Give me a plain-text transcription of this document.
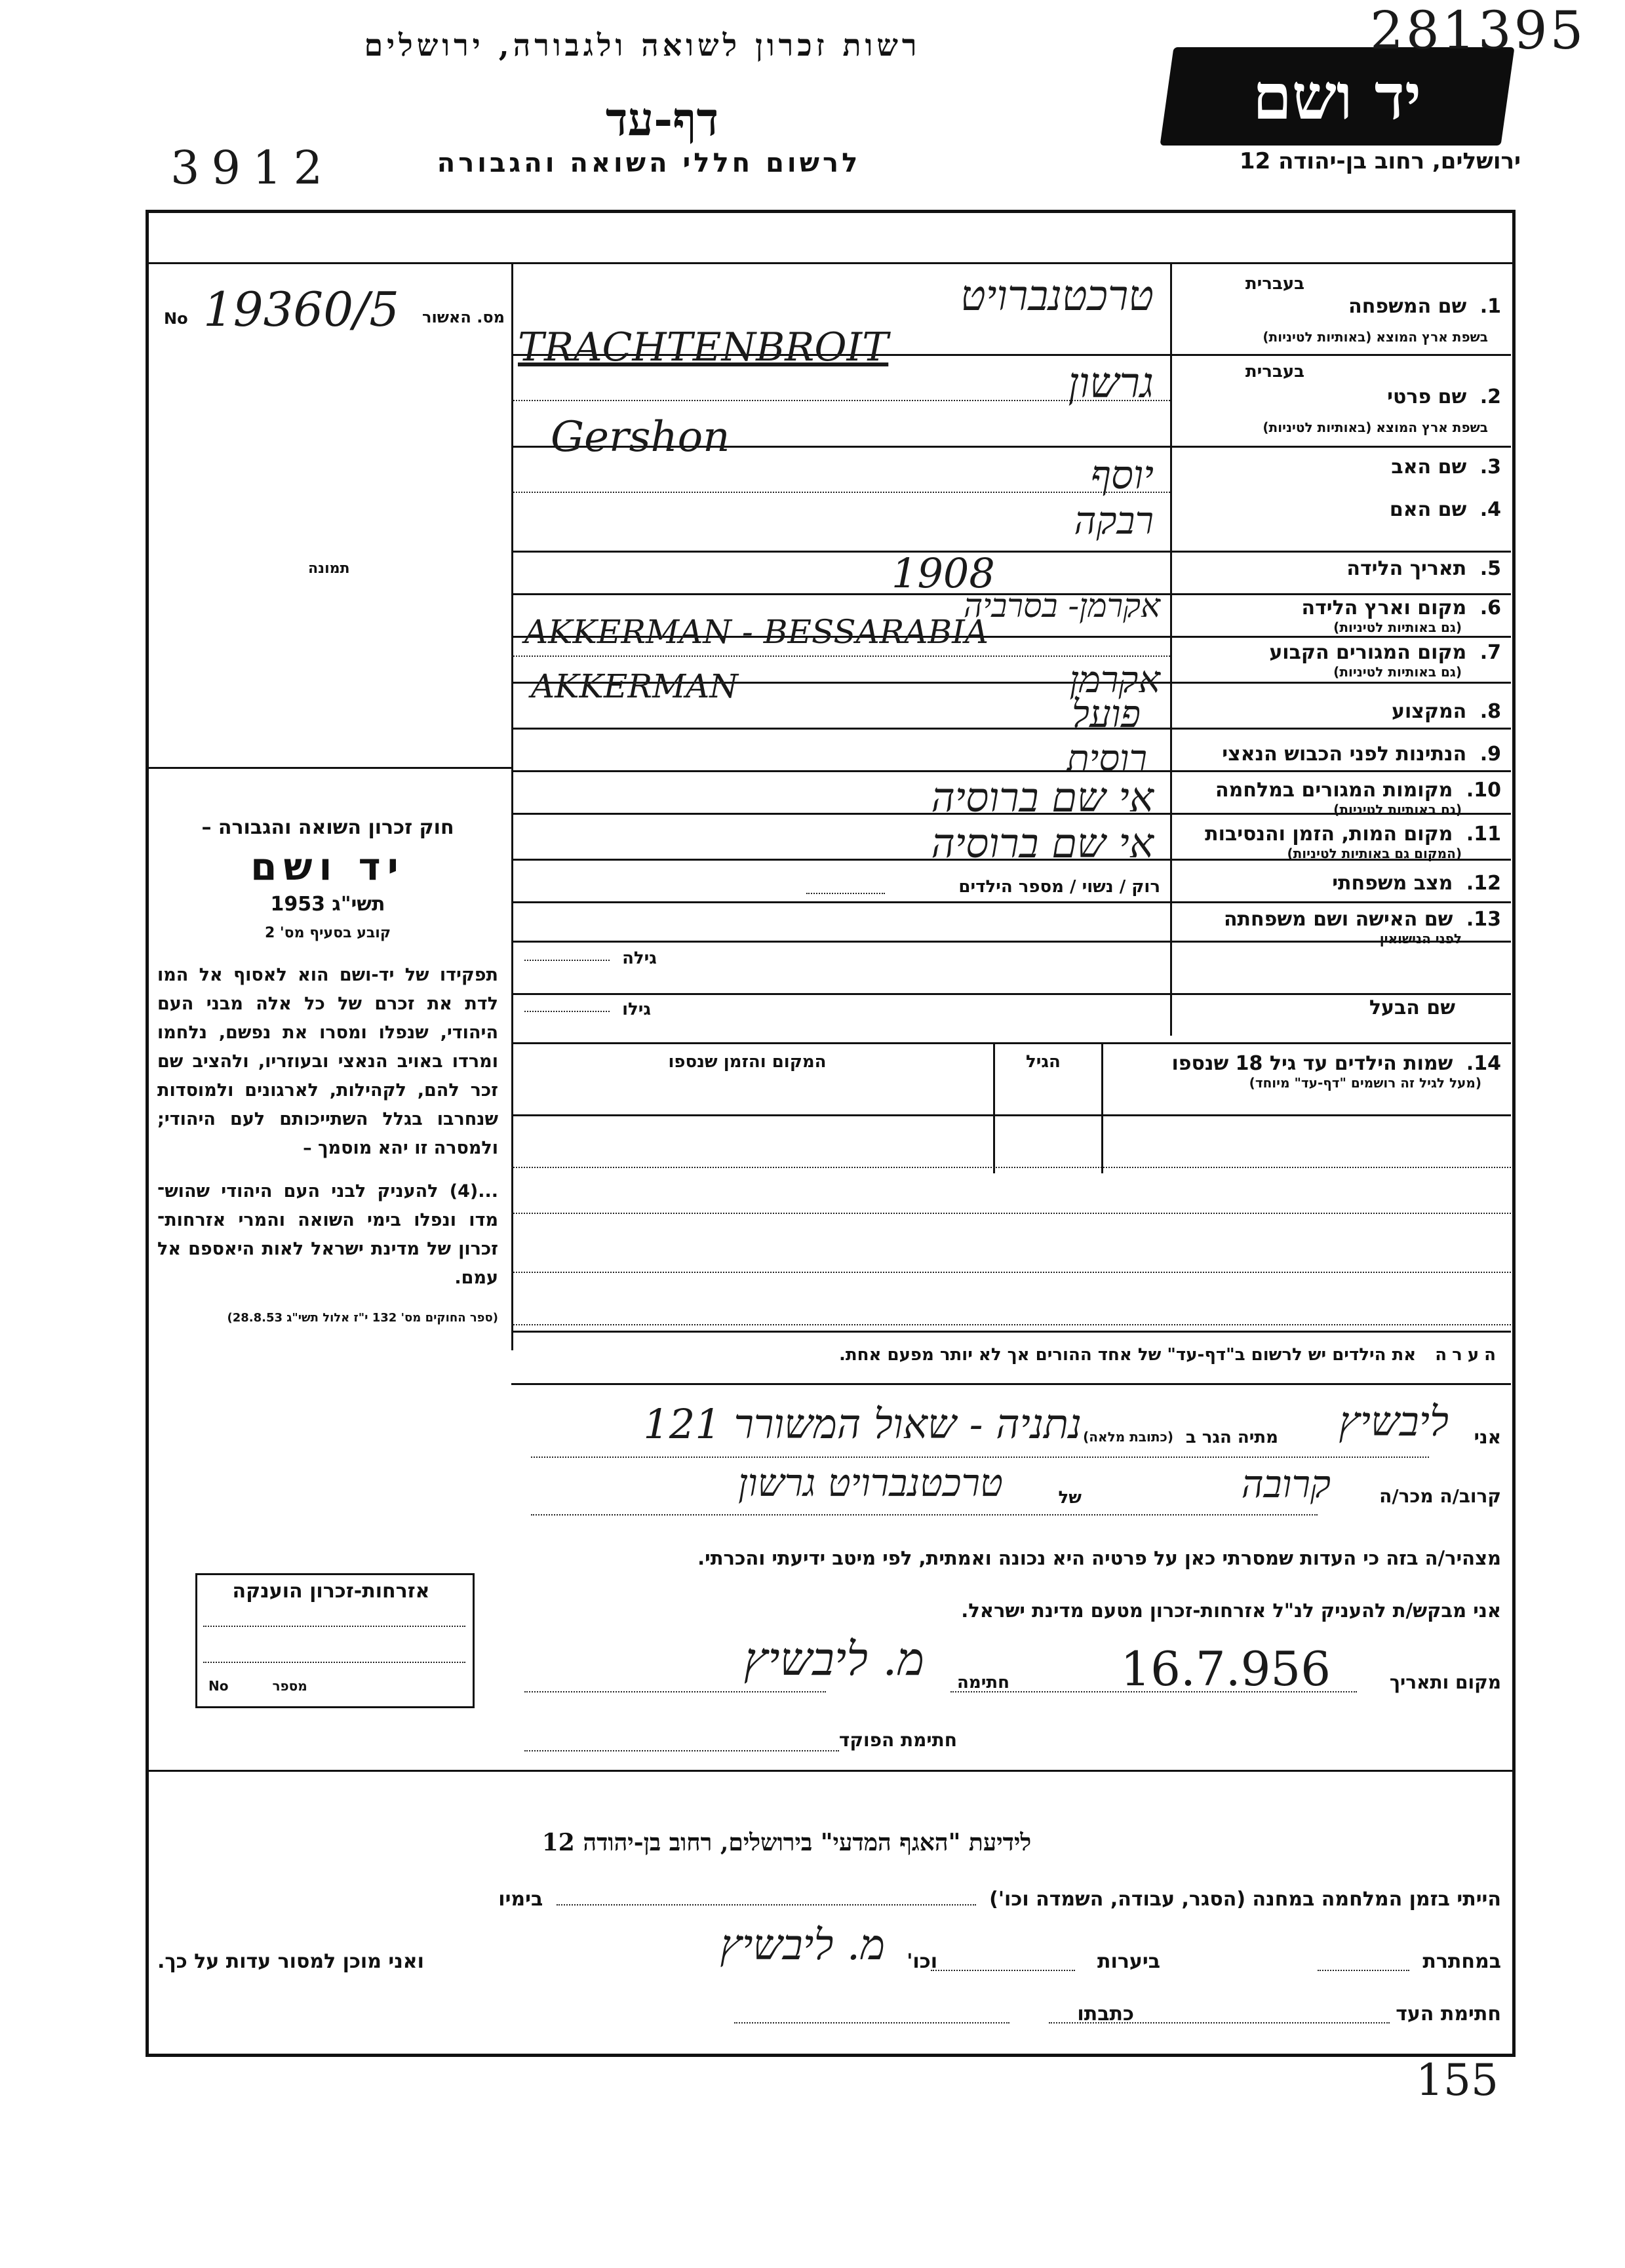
רשות זכרון לשואה ולגבורה, ירושלים
דף-עד
לרשום חללי השואה והגבורה
3912
יד ושם
281395
ירושלים, רחוב בן-יהודה 12
No 19360/5 מס. האשור
תמונה

חוק זכרון השואה והגבורה –

יד ושם

תשי"ג 1953

קובע בסעיף מס' 2

תפקידו של יד-ושם הוא לאסוף אל המו לדת את זכרם של כל אלה מבני העם היהודי, שנפלו ומסרו את נפשם, נלחמו ומרדו באויב הנאצי ובעוזריו, ולהציב שם זכר להם, לקהילות, לארגונים ולמוסדות שנחרבו בגלל השתייכותם לעם היהודי; ולמסרה זו יהא מוסמך –

...(4) להעניק לבני העם היהודי שהוש־ מדו ונפלו בימי השואה והמרי אזרחות־ זכרון של מדינת ישראל לאות היאספם אל עמם.

(ספר החוקים מס' 132 י"ז אלול תשי"ג 28.8.53)

אזרחות-זכרון הוענקה
No	מספר
בעברית
1. שם המשפחה
בשפת ארץ המוצא (באותיות לטיניות)
טרכטנברויט
TRACHTENBROIT
בעברית
2. שם פרטי
בשפת ארץ המוצא (באותיות לטיניות)
גרשון
Gershon
3. שם האב
יוסף
4. שם האם
רבקה
5. תאריך הלידה
1908
6. מקום וארץ הלידה
(גם באותיות לטיניות)
אקרמן- בסרביה
AKKERMAN - BESSARABIA
7. מקום המגורים הקבוע
(גם באותיות לטיניות)
אקרמן
AKKERMAN
8. המקצוע
פועל
9. הנתינות לפני הכבוש הנאצי
רוסית
10. מקומות המגורים במלחמה
(גם באותיות לטיניות)
אי שם ברוסיה
11. מקום המות, הזמן והנסיבות
(המקום גם באותיות לטיניות)
אי שם ברוסיה
12. מצב משפחתי
רוק / נשוי / מספר הילדים
13. שם האישה ושם משפחתה
לפני הנישואין
גילה
שם הבעל
גילו
14. שמות הילדים עד גיל 18 שנספו
(מעל לגיל זה רושמים "דף-עד" מיוחד)
הגיל
המקום והזמן שנספו
הערה את הילדים יש לרשום ב"דף-עד" של אחד ההורים אך לא יותר מפעם אחת.
אני
ליבשיץ
מתיה הגר ב
(כתובת מלאה)
נתניה - שאול המשורר 121
קרוב/ה מכר/ה
קרובה
של
טרכטנברויט גרשון
מצהיר/ה בזה כי העדות שמסרתי כאן על פרטיה היא נכונה ואמתית, לפי מיטב ידיעתי והכרתי.
אני מבקש/ת להעניק לנ"ל אזרחות-זכרון מטעם מדינת ישראל.
מקום ותאריך
16.7.956
חתימה
מ. ליבשיץ
חתימת הפוקד
לידיעת "האגף המדעי" בירושלים, רחוב בן-יהודה 12
הייתי בזמן המלחמה במחנה (הסגר, עבודה, השמדה וכו')  בימיו
במחתרת
ביערות
וכו'
מ. ליבשיץ
ואני מוכן למסור עדות על כך.
חתימת העד
כתבתו
155
